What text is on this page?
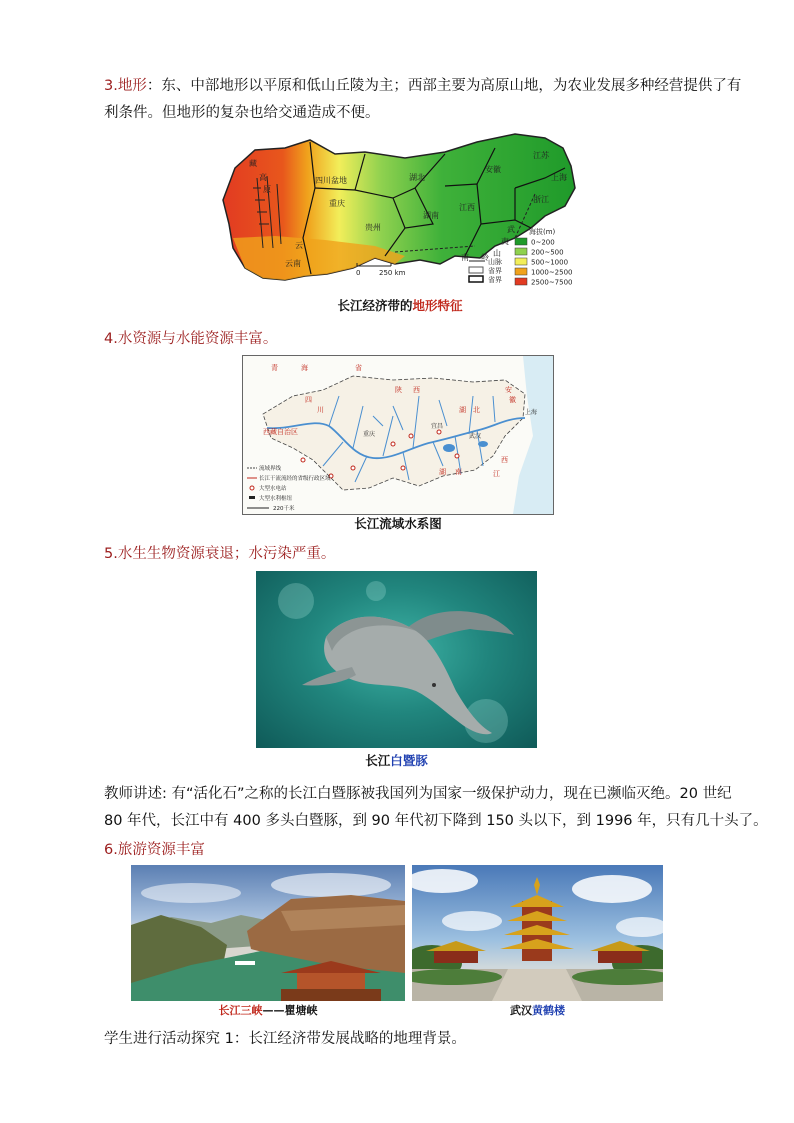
3.地形：东、中部地形以平原和低山丘陵为主；西部主要为高原山地，为农业发展多种经营提供了有
利条件。但地形的复杂也给交通造成不便。
藏
高
原
四川盆地
重庆
云
贵州
云南
湖北
湖南
江西
安徽
江苏
上海
浙江
武
夷
山
南 岭
0	250 km
山脉
省界
省界
海拔(m)
0~200
200~500
500~1000
1000~2500
2500~7500
长江经济带的地形特征
4.水资源与水能资源丰富。
青	海	省
四
川
西藏自治区
陕 西
湖 北
湖 南	江
西
安
徽
上海
武汉
重庆
宜昌
流域界线
长江干流流经的省级行政区域
大型水电站
大型水利枢纽
220千米
长江流域水系图
5.水生生物资源衰退；水污染严重。
长江白暨豚
教师讲述: 有“活化石”之称的长江白暨豚被我国列为国家一级保护动力，现在已濒临灭绝。20 世纪
80 年代，长江中有 400 多头白暨豚，到 90 年代初下降到 150 头以下，到 1996 年，只有几十头了。
6.旅游资源丰富
长江三峡——瞿塘峡	武汉黄鹤楼
学生进行活动探究 1：长江经济带发展战略的地理背景。
